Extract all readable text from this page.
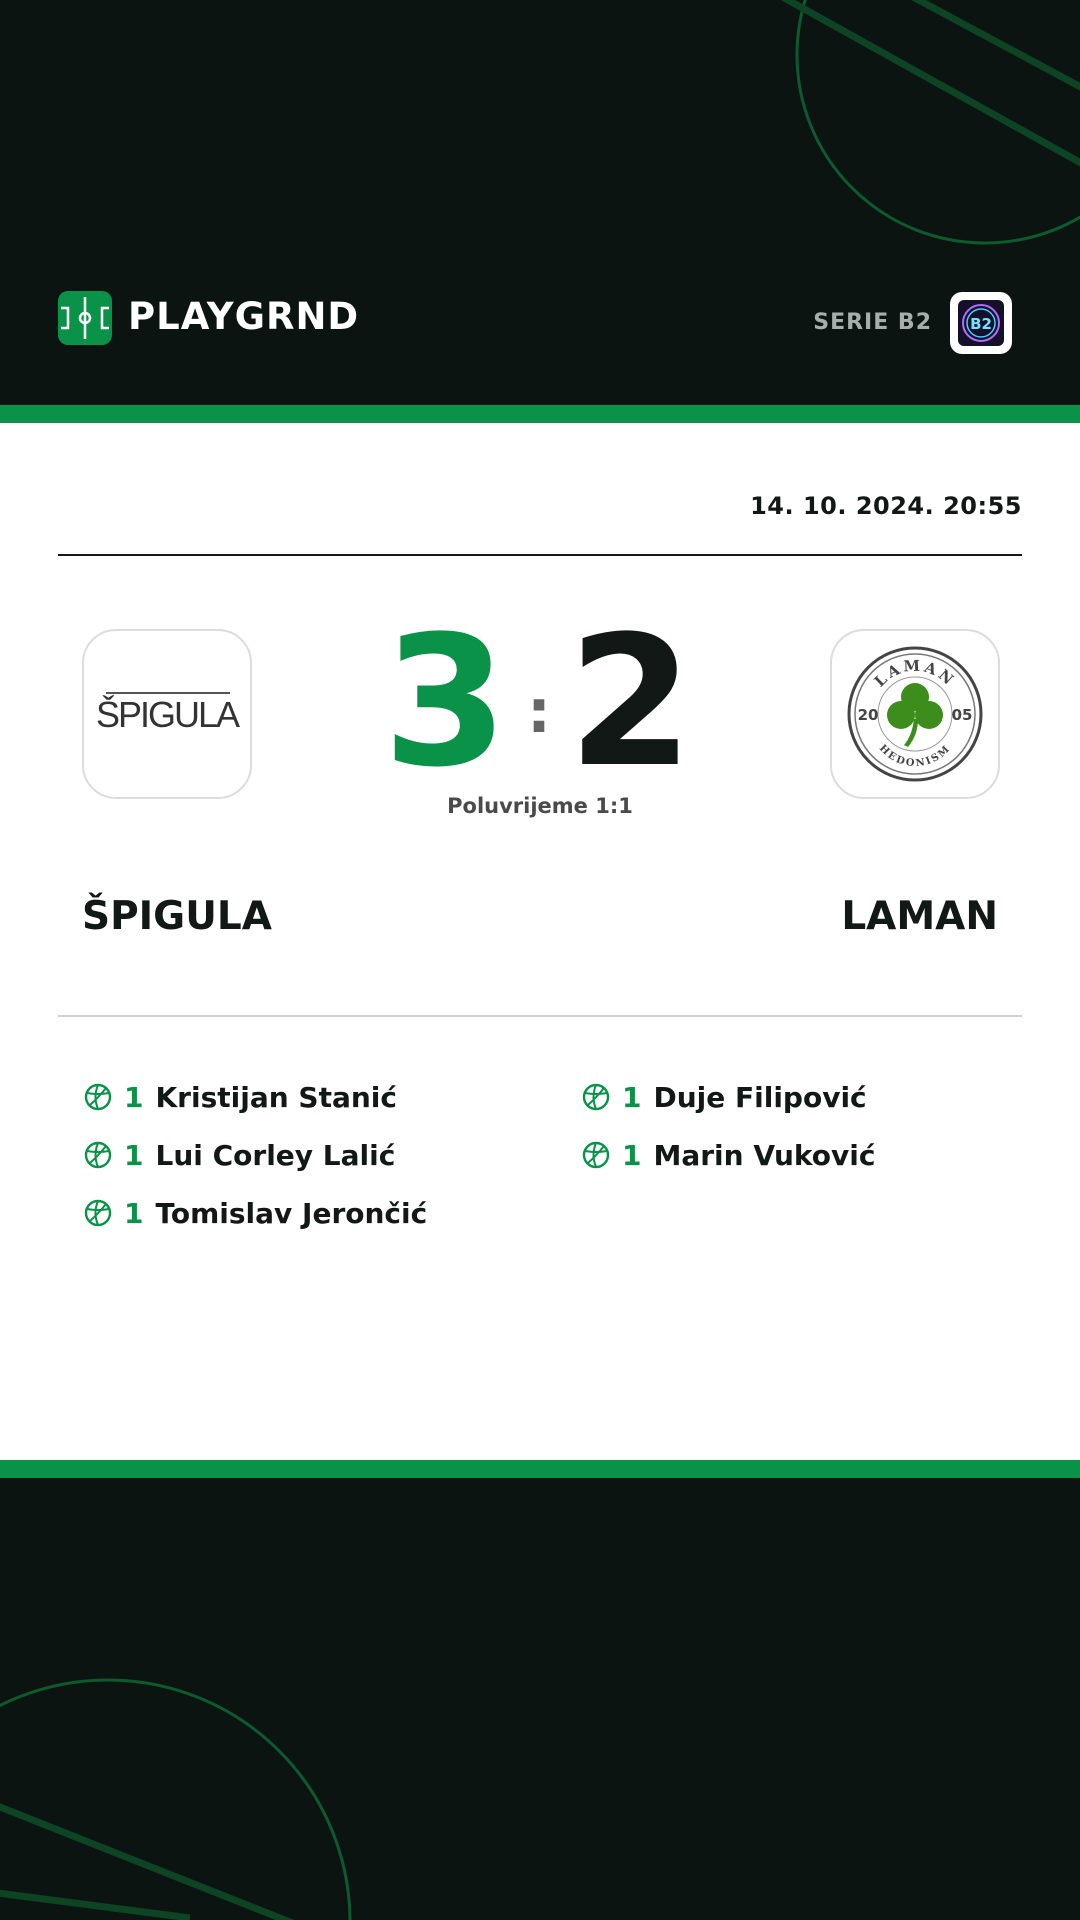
PLAYGRND	SERIE B2	B2
14. 10. 2024. 20:55
ŠPIGULA 3 : 2
Poluvrijeme 1:1
LAMAN
HEDONISM
20	05
ŠPIGULA	LAMAN
1 Kristijan Stanić
1 Lui Corley Lalić
1 Tomislav Jerončić
1 Duje Filipović
1 Marin Vuković
